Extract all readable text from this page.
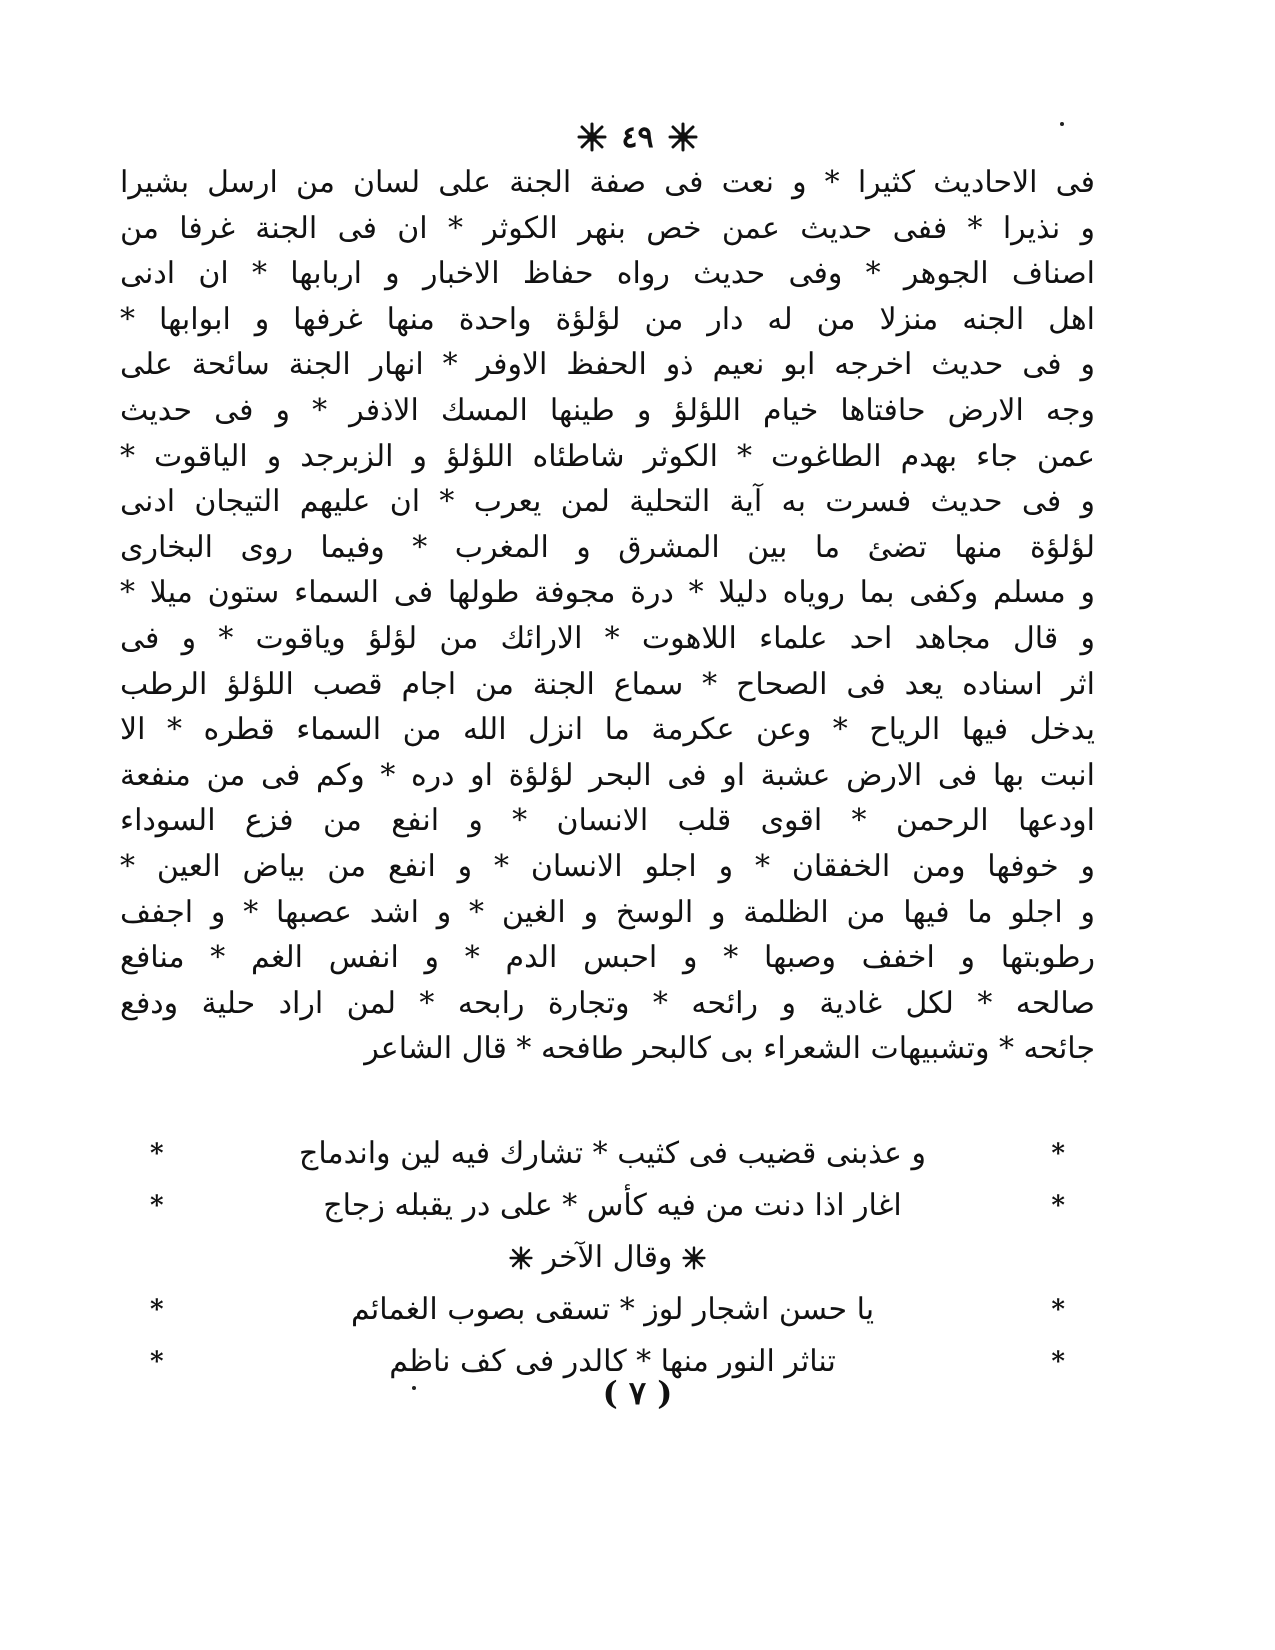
٤٩
فى الاحاديث كثيرا * و نعت فى صفة الجنة على لسان من ارسل بشيرا
و نذيرا * ففى حديث عمن خص بنهر الكوثر * ان فى الجنة غرفا من
اصناف الجوهر * وفى حديث رواه حفاظ الاخبار و اربابها * ان ادنى
اهل الجنه منزلا من له دار من لؤلؤة واحدة منها غرفها و ابوابها *
و فى حديث اخرجه ابو نعيم ذو الحفظ الاوفر * انهار الجنة سائحة على
وجه الارض حافتاها خيام اللؤلؤ و طينها المسك الاذفر * و فى حديث
عمن جاء بهدم الطاغوت * الكوثر شاطئاه اللؤلؤ و الزبرجد و الياقوت *
و فى حديث فسرت به آية التحلية لمن يعرب * ان عليهم التيجان ادنى
لؤلؤة منها تضئ ما بين المشرق و المغرب * وفيما روى البخارى
و مسلم وكفى بما روياه دليلا * درة مجوفة طولها فى السماء ستون ميلا *
و قال مجاهد احد علماء اللاهوت * الارائك من لؤلؤ وياقوت * و فى
اثر اسناده يعد فى الصحاح * سماع الجنة من اجام قصب اللؤلؤ الرطب
يدخل فيها الرياح * وعن عكرمة ما انزل الله من السماء قطره * الا
انبت بها فى الارض عشبة او فى البحر لؤلؤة او دره * وكم فى من منفعة
اودعها الرحمن * اقوى قلب الانسان * و انفع من فزع السوداء
و خوفها ومن الخفقان * و اجلو الانسان * و انفع من بياض العين *
و اجلو ما فيها من الظلمة و الوسخ و الغين * و اشد عصبها * و اجفف
رطوبتها و اخفف وصبها * و احبس الدم * و انفس الغم * منافع
صالحه * لكل غادية و رائحه * وتجارة رابحه * لمن اراد حلية ودفع
جائحه * وتشبيهات الشعراء بى كالبحر طافحه * قال الشاعر
*
و عذبنى قضيب فى كثيب * تشارك فيه لين واندماج
*
*
اغار اذا دنت من فيه كأس * على در يقبله زجاج
*
وقال الآخر
*
يا حسن اشجار لوز * تسقى بصوب الغمائم
*
*
تناثر النور منها * كالدر فى كف ناظم
*
( ٧ )
